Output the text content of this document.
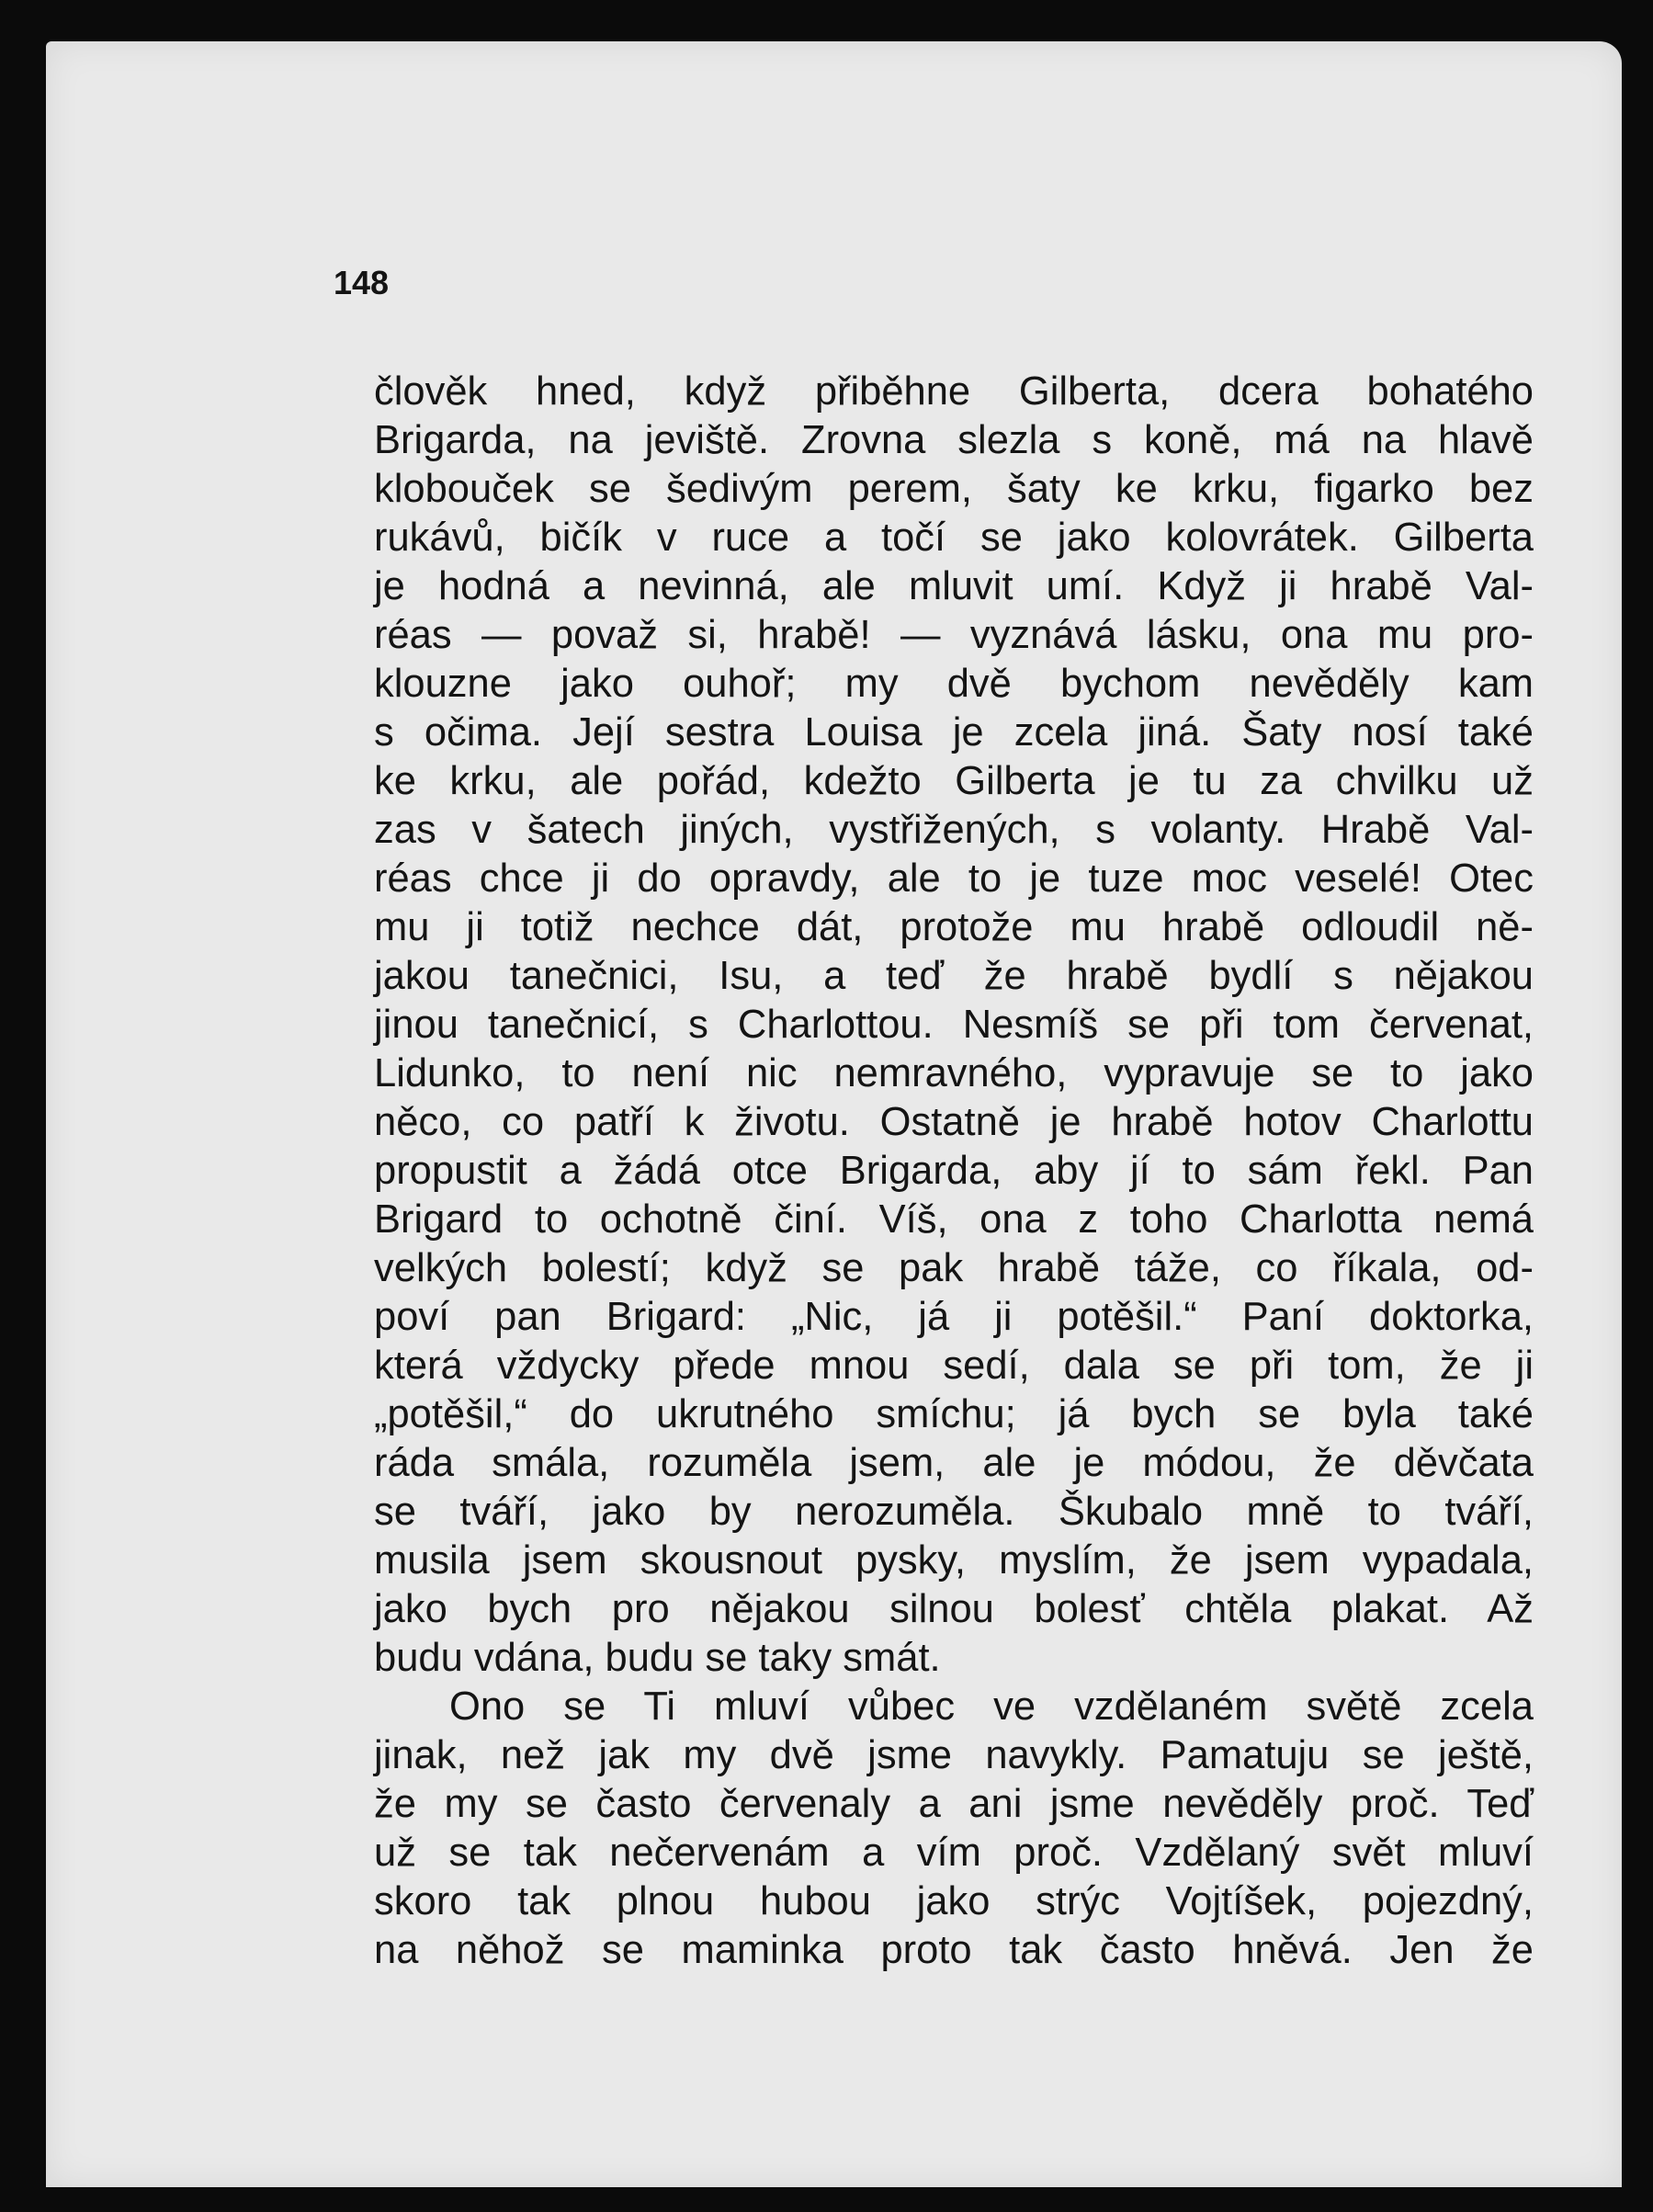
148
člověk hned, když přiběhne Gilberta, dcera bohatého
Brigarda, na jeviště. Zrovna slezla s koně, má na hlavě
klobouček se šedivým perem, šaty ke krku, figarko bez
rukávů, bičík v ruce a točí se jako kolovrátek. Gilberta
je hodná a nevinná, ale mluvit umí. Když ji hrabě Val-
réas — považ si, hrabě! — vyznává lásku, ona mu pro-
klouzne jako ouhoř; my dvě bychom nevěděly kam
s očima. Její sestra Louisa je zcela jiná. Šaty nosí také
ke krku, ale pořád, kdežto Gilberta je tu za chvilku už
zas v šatech jiných, vystřižených, s volanty. Hrabě Val-
réas chce ji do opravdy, ale to je tuze moc veselé! Otec
mu ji totiž nechce dát, protože mu hrabě odloudil ně-
jakou tanečnici, Isu, a teď že hrabě bydlí s nějakou
jinou tanečnicí, s Charlottou. Nesmíš se při tom červenat,
Lidunko, to není nic nemravného, vypravuje se to jako
něco, co patří k životu. Ostatně je hrabě hotov Charlottu
propustit a žádá otce Brigarda, aby jí to sám řekl. Pan
Brigard to ochotně činí. Víš, ona z toho Charlotta nemá
velkých bolestí; když se pak hrabě táže, co říkala, od-
poví pan Brigard: „Nic, já ji potěšil.“ Paní doktorka,
která vždycky přede mnou sedí, dala se při tom, že ji
„potěšil,“ do ukrutného smíchu; já bych se byla také
ráda smála, rozuměla jsem, ale je módou, že děvčata
se tváří, jako by nerozuměla. Škubalo mně to tváří,
musila jsem skousnout pysky, myslím, že jsem vypadala,
jako bych pro nějakou silnou bolesť chtěla plakat. Až
budu vdána, budu se taky smát.
Ono se Ti mluví vůbec ve vzdělaném světě zcela
jinak, než jak my dvě jsme navykly. Pamatuju se ještě,
že my se často červenaly a ani jsme nevěděly proč. Teď
už se tak nečervenám a vím proč. Vzdělaný svět mluví
skoro tak plnou hubou jako strýc Vojtíšek, pojezdný,
na něhož se maminka proto tak často hněvá. Jen že
